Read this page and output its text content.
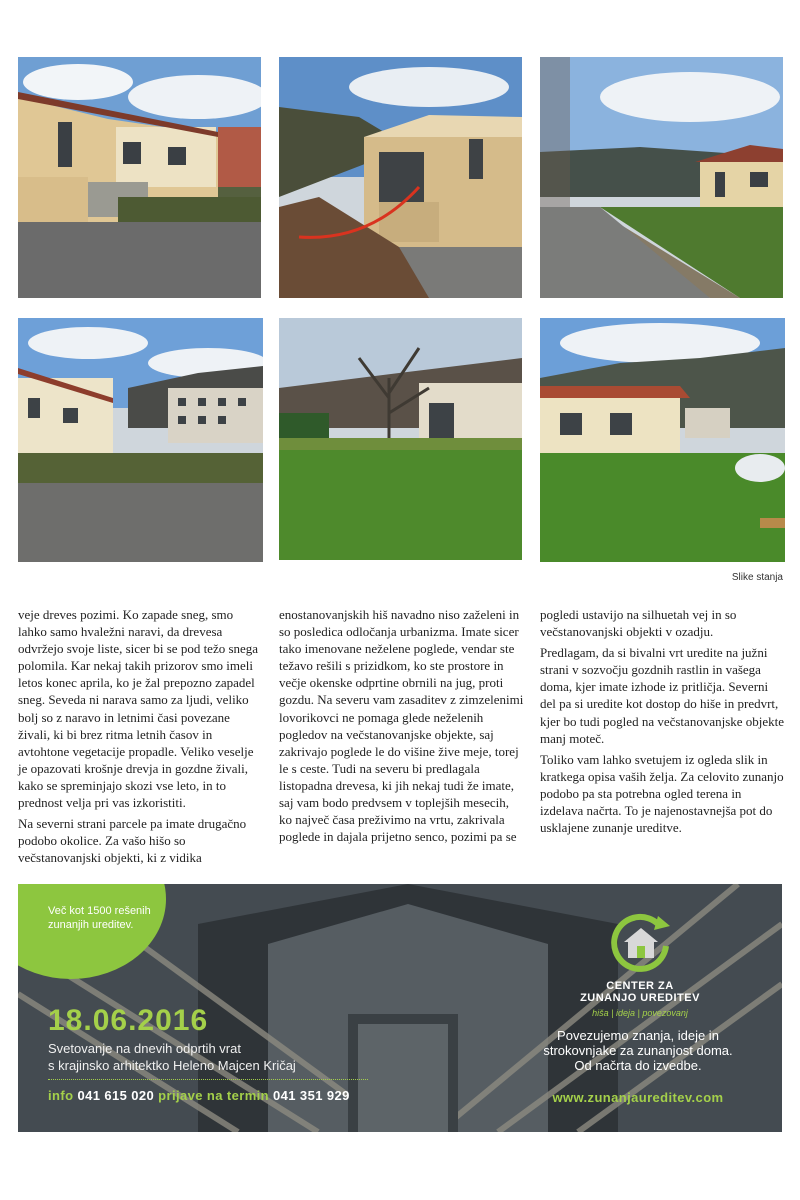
Slike stanja

veje dreves pozimi. Ko zapade sneg, smo lahko samo hvaležni naravi, da drevesa odvržejo svoje liste, sicer bi se pod težo snega polomila. Kar nekaj takih prizorov smo imeli letos konec aprila, ko je žal prepozno zapadel sneg. Seveda ni narava samo za ljudi, veliko bolj so z naravo in letnimi časi povezane živali, ki bi brez ritma letnih časov in avtohtone vegetacije propadle. Veliko veselje je opazovati krošnje drevja in gozdne živali, kako se spreminjajo skozi vse leto, in to prednost velja pri vas izkoristiti.

Na severni strani parcele pa imate drugačno podobo okolice. Za vašo hišo so večstanovanjski objekti, ki z vidika

enostanovanjskih hiš navadno niso zaželeni in so posledica odločanja urbanizma. Imate sicer tako imenovane neželene poglede, vendar ste težavo rešili s prizidkom, ko ste prostore in večje okenske odprtine obrnili na jug, proti gozdu. Na severu vam zasaditev z zimzelenimi lovorikovci ne pomaga glede neželenih pogledov na večstanovanjske objekte, saj zakrivajo poglede le do višine žive meje, torej le s ceste. Tudi na severu bi predlagala listopadna drevesa, ki jih nekaj tudi že imate, saj vam bodo predvsem v toplejših mesecih, ko največ časa preživimo na vrtu, zakrivala poglede in dajala prijetno senco, pozimi pa se

pogledi ustavijo na silhuetah vej in so večstanovanjski objekti v ozadju.

Predlagam, da si bivalni vrt uredite na južni strani v sozvočju gozdnih rastlin in vašega doma, kjer imate izhode iz pritličja. Severni del pa si uredite kot dostop do hiše in predvrt, kjer bo tudi pogled na večstanovanjske objekte manj moteč.

Toliko vam lahko svetujem iz ogleda slik in kratkega opisa vaših želja. Za celovito zunanjo podobo pa sta potrebna ogled terena in izdelava načrta. To je najenostavnejša pot do usklajene zunanje ureditve.

Več kot 1500 rešenih zunanjih ureditev.
18.06.2016
Svetovanje na dnevih odprtih vrat
s krajinsko arhitektko Heleno Majcen Kričaj
info 041 615 020 prijave na termin 041 351 929
CENTER ZA
ZUNANJO UREDITEV
hiša | ideja | povezovanj
Povezujemo znanja, ideje in
strokovnjake za zunanjost doma.
Od načrta do izvedbe.
www.zunanjaureditev.com
